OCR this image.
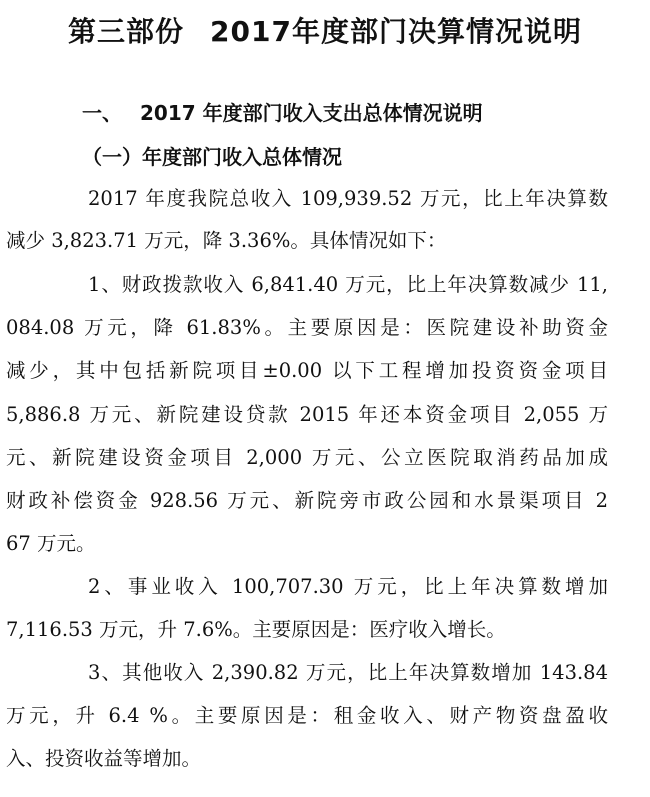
第三部份 2017年度部门决算情况说明
一、 2017 年度部门收入支出总体情况说明
（一）年度部门收入总体情况
2017 年度我院总收入 109,939.52 万元，比上年决算数
减少 3,823.71 万元，降 3.36%。具体情况如下：
1、财政拨款收入 6,841.40 万元，比上年决算数减少 11,
084.08 万元，降 61.83%。主要原因是：医院建设补助资金
减少，其中包括新院项目±0.00 以下工程增加投资资金项目
5,886.8 万元、新院建设贷款 2015 年还本资金项目 2,055 万
元、新院建设资金项目 2,000 万元、公立医院取消药品加成
财政补偿资金 928.56 万元、新院旁市政公园和水景渠项目 2
67 万元。
2、事业收入 100,707.30 万元，比上年决算数增加
7,116.53 万元，升 7.6%。主要原因是：医疗收入增长。
3、其他收入 2,390.82 万元，比上年决算数增加 143.84
万元，升 6.4 %。主要原因是：租金收入、财产物资盘盈收
入、投资收益等增加。
